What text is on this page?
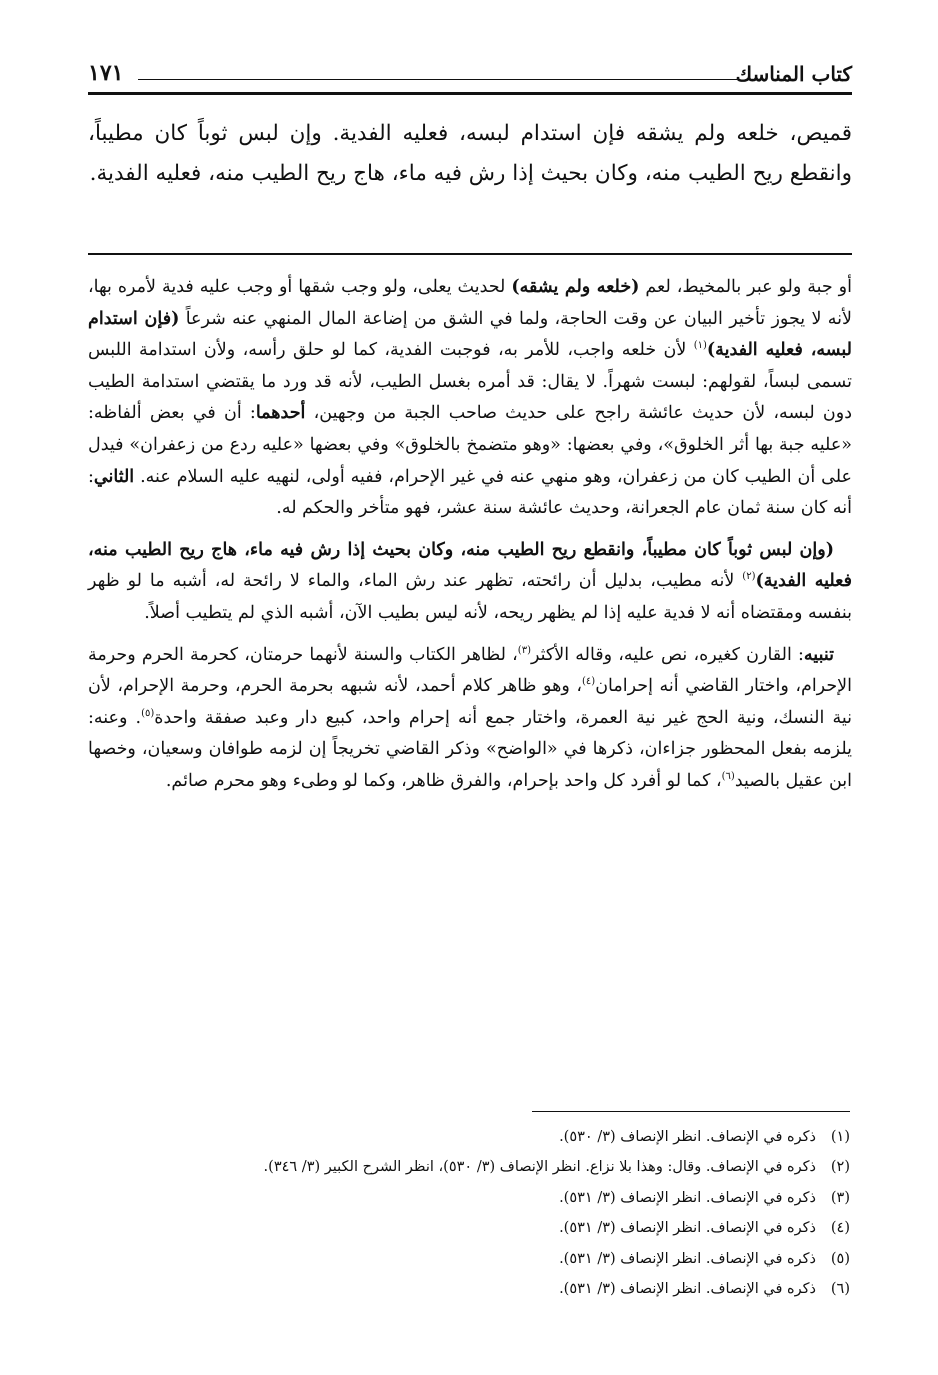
كتاب المناسك
١٧١
قميص، خلعه ولم يشقه فإن استدام لبسه، فعليه الفدية. وإن لبس ثوباً كان مطيباً، وانقطع ريح الطيب منه، وكان بحيث إذا رش فيه ماء، هاج ريح الطيب منه، فعليه الفدية.

أو جبة ولو عبر بالمخيط، لعم (خلعه ولم يشقه) لحديث يعلى، ولو وجب شقها أو وجب عليه فدية لأمره بها، لأنه لا يجوز تأخير البيان عن وقت الحاجة، ولما في الشق من إضاعة المال المنهي عنه شرعاً (فإن استدام لبسه، فعليه الفدية)$^{(١)}$ لأن خلعه واجب، للأمر به، فوجبت الفدية، كما لو حلق رأسه، ولأن استدامة اللبس تسمى لبساً، لقولهم: لبست شهراً. لا يقال: قد أمره بغسل الطيب، لأنه قد ورد ما يقتضي استدامة الطيب دون لبسه، لأن حديث عائشة راجح على حديث صاحب الجبة من وجهين، أحدهما: أن في بعض ألفاظه: «عليه جبة بها أثر الخلوق»، وفي بعضها: «وهو متضمخ بالخلوق» وفي بعضها «عليه ردع من زعفران» فيدل على أن الطيب كان من زعفران، وهو منهي عنه في غير الإحرام، ففيه أولى، لنهيه عليه السلام عنه. الثاني: أنه كان سنة ثمان عام الجعرانة، وحديث عائشة سنة عشر، فهو متأخر والحكم له.

(وإن لبس ثوباً كان مطيباً، وانقطع ريح الطيب منه، وكان بحيث إذا رش فيه ماء، هاج ريح الطيب منه، فعليه الفدية)$^{(٢)}$ لأنه مطيب، بدليل أن رائحته، تظهر عند رش الماء، والماء لا رائحة له، أشبه ما لو ظهر بنفسه ومقتضاه أنه لا فدية عليه إذا لم يظهر ريحه، لأنه ليس بطيب الآن، أشبه الذي لم يتطيب أصلاً.

تنبيه: القارن كغيره، نص عليه، وقاله الأكثر$^{(٣)}$، لظاهر الكتاب والسنة لأنهما حرمتان، كحرمة الحرم وحرمة الإحرام، واختار القاضي أنه إحرامان$^{(٤)}$، وهو ظاهر كلام أحمد، لأنه شبهه بحرمة الحرم، وحرمة الإحرام، لأن نية النسك، ونية الحج غير نية العمرة، واختار جمع أنه إحرام واحد، كبيع دار وعبد صفقة واحدة$^{(٥)}$. وعنه: يلزمه بفعل المحظور جزاءان، ذكرها في «الواضح» وذكر القاضي تخريجاً إن لزمه طوافان وسعيان، وخصها ابن عقيل بالصيد$^{(٦)}$، كما لو أفرد كل واحد بإحرام، والفرق ظاهر، وكما لو وطىء وهو محرم صائم.

(١)ذكره في الإنصاف. انظر الإنصاف (٣/ ٥٣٠).
(٢)ذكره في الإنصاف. وقال: وهذا بلا نزاع. انظر الإنصاف (٣/ ٥٣٠)، انظر الشرح الكبير (٣/ ٣٤٦).
(٣)ذكره في الإنصاف. انظر الإنصاف (٣/ ٥٣١).
(٤)ذكره في الإنصاف. انظر الإنصاف (٣/ ٥٣١).
(٥)ذكره في الإنصاف. انظر الإنصاف (٣/ ٥٣١).
(٦)ذكره في الإنصاف. انظر الإنصاف (٣/ ٥٣١).
